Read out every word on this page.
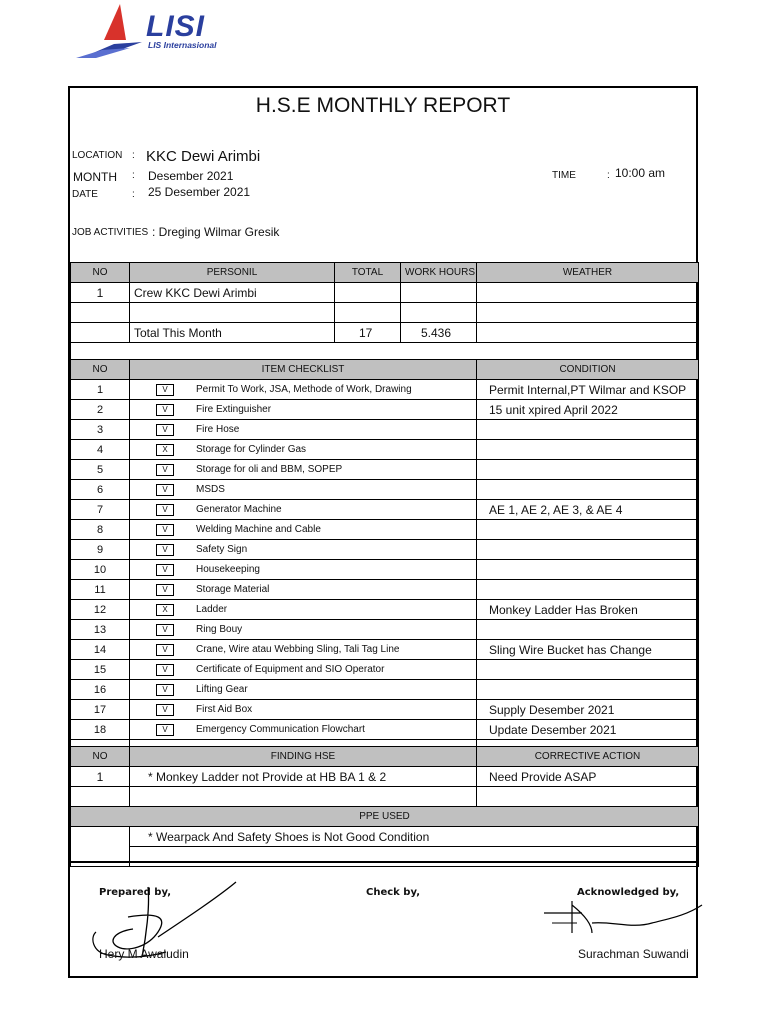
LISI
LIS Internasional
H.S.E MONTHLY REPORT
LOCATION : KKC Dewi Arimbi
MONTH : Desember 2021
DATE	: 25 Desember 2021
TIME	: 10:00 am
JOB ACTIVITIES : Dreging Wilmar Gresik
NO	PERSONIL	TOTAL	WORK HOURS	WEATHER
1	Crew KKC Dewi Arimbi			

	Total This Month	17	5.436	

NO	ITEM CHECKLIST	CONDITION
1	V Permit To Work, JSA, Methode of Work, Drawing	Permit Internal,PT Wilmar and KSOP
2	V Fire Extinguisher	15 unit xpired April 2022
3	V Fire Hose	
4	X Storage for Cylinder Gas	
5	V Storage for oli and BBM, SOPEP	
6	V MSDS	
7	V Generator Machine	AE 1, AE 2, AE 3, & AE 4
8	V Welding Machine and Cable	
9	V Safety Sign	
10	V Housekeeping	
11	V Storage Material	
12	X Ladder	Monkey Ladder Has Broken
13	V Ring Bouy	
14	V Crane, Wire atau Webbing Sling, Tali Tag Line	Sling Wire Bucket has Change
15	V Certificate of Equipment and SIO Operator	
16	V Lifting Gear	
17	V First Aid Box	Supply Desember 2021
18	V Emergency Communication Flowchart	Update Desember 2021

NO	FINDING HSE	CORRECTIVE ACTION
1	* Monkey Ladder not Provide at HB BA 1 & 2	Need Provide ASAP

PPE USED		
	* Wearpack And Safety Shoes is Not Good Condition	

Prepared by,	Check by,	Acknowledged by,
Hery M Awaludin	Surachman Suwandi
